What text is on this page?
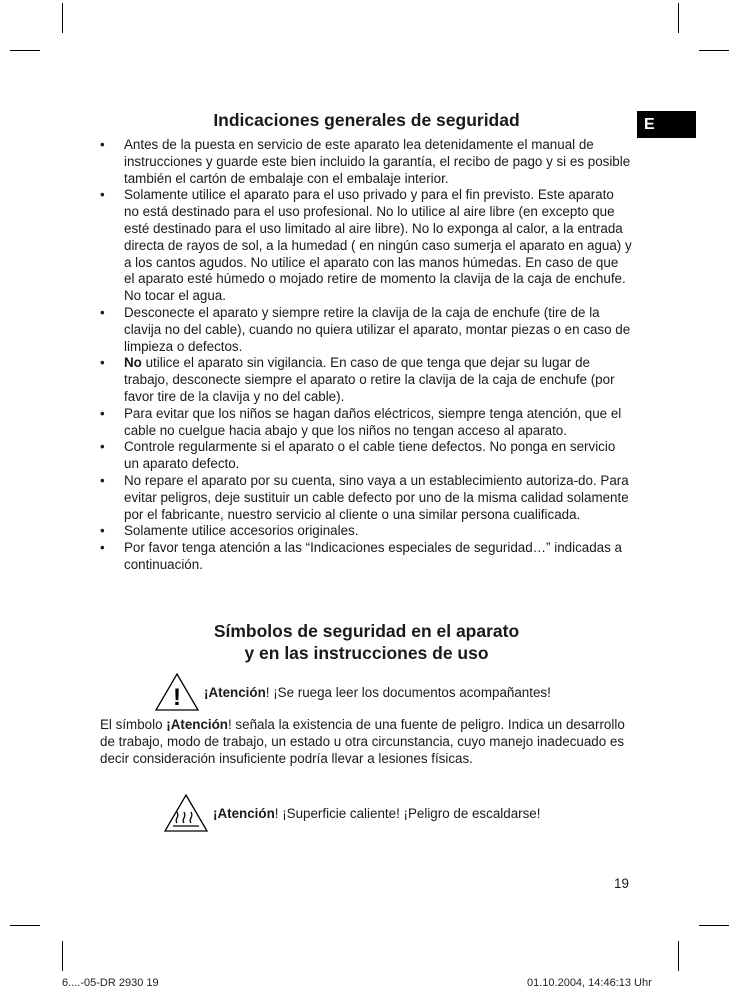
E
Indicaciones generales de seguridad
• Antes de la puesta en servicio de este aparato lea detenidamente el manual de instrucciones y guarde este bien incluido la garantía, el recibo de pago y si es posible también el cartón de embalaje con el embalaje interior.
• Solamente utilice el aparato para el uso privado y para el fin previsto. Este aparato no está destinado para el uso profesional. No lo utilice al aire libre (en excepto que esté destinado para el uso limitado al aire libre). No lo exponga al calor, a la entrada directa de rayos de sol, a la humedad ( en ningún caso sumerja el aparato en agua) y a los cantos agudos. No utilice el aparato con las manos húmedas. En caso de que el aparato esté húmedo o mojado retire de momento la clavija de la caja de enchufe. No tocar el agua.
• Desconecte el aparato y siempre retire la clavija de la caja de enchufe (tire de la clavija no del cable), cuando no quiera utilizar el aparato, montar piezas o en caso de limpieza o defectos.
• No utilice el aparato sin vigilancia. En caso de que tenga que dejar su lugar de trabajo, desconecte siempre el aparato o retire la clavija de la caja de enchufe (por favor tire de la clavija y no del cable).
• Para evitar que los niños se hagan daños eléctricos, siempre tenga atención, que el cable no cuelgue hacia abajo y que los niños no tengan acceso al aparato.
• Controle regularmente si el aparato o el cable tiene defectos. No ponga en servicio un aparato defecto.
• No repare el aparato por su cuenta, sino vaya a un establecimiento autoriza-do. Para evitar peligros, deje sustituir un cable defecto por uno de la misma calidad solamente por el fabricante, nuestro servicio al cliente o una similar persona cualificada.
• Solamente utilice accesorios originales.
• Por favor tenga atención a las “Indicaciones especiales de seguridad…” indicadas a continuación.
Símbolos de seguridad en el aparato
y en las instrucciones de uso
! ¡Atención! ¡Se ruega leer los documentos acompañantes!

El símbolo ¡Atención! señala la existencia de una fuente de peligro. Indica un desarrollo de trabajo, modo de trabajo, un estado u otra circunstancia, cuyo manejo inadecuado es decir consideración insuficiente podría llevar a lesiones físicas.

¡Atención! ¡Superficie caliente! ¡Peligro de escaldarse!
19
6....-05-DR 2930 19	01.10.2004, 14:46:13 Uhr
